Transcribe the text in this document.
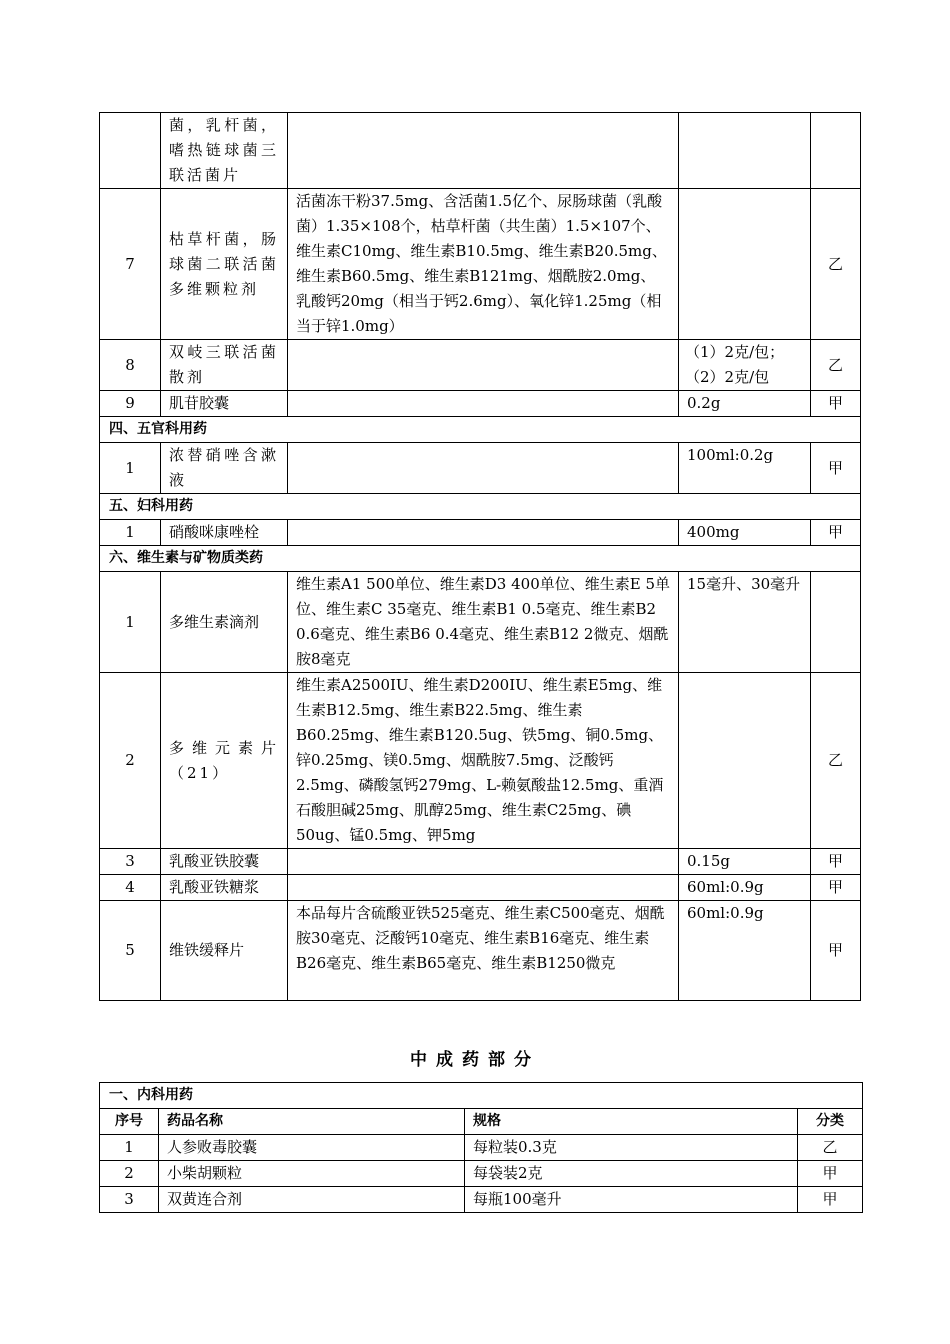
	菌，乳杆菌，嗜热链球菌三联活菌片			
7	枯草杆菌，肠球菌二联活菌多维颗粒剂	活菌冻干粉37.5mg、含活菌1.5亿个、尿肠球菌（乳酸菌）1.35×108个，枯草杆菌（共生菌）1.5×107个、维生素C10mg、维生素B10.5mg、维生素B20.5mg、维生素B60.5mg、维生素B121mg、烟酰胺2.0mg、乳酸钙20mg（相当于钙2.6mg）、氧化锌1.25mg（相当于锌1.0mg）		乙
8	双岐三联活菌散剂		（1）2克/包；
（2）2克/包	乙
9	肌苷胶囊		0.2g	甲
四、五官科用药				
1	浓替硝唑含漱液		100ml:0.2g	甲
五、妇科用药				
1	硝酸咪康唑栓		400mg	甲
六、维生素与矿物质类药				
1	多维生素滴剂	维生素A1 500单位、维生素D3 400单位、维生素E 5单位、维生素C 35毫克、维生素B1 0.5毫克、维生素B2 0.6毫克、维生素B6 0.4毫克、维生素B12 2微克、烟酰胺8毫克	15毫升、30毫升	
2	多维元素片（21）	维生素A2500IU、维生素D200IU、维生素E5mg、维生素B12.5mg、维生素B22.5mg、维生素B60.25mg、维生素B120.5ug、铁5mg、铜0.5mg、锌0.25mg、镁0.5mg、烟酰胺7.5mg、泛酸钙2.5mg、磷酸氢钙279mg、L-赖氨酸盐12.5mg、重酒石酸胆碱25mg、肌醇25mg、维生素C25mg、碘50ug、锰0.5mg、钾5mg		乙
3	乳酸亚铁胶囊		0.15g	甲
4	乳酸亚铁糖浆		60ml:0.9g	甲
5	维铁缓释片	本品每片含硫酸亚铁525毫克、维生素C500毫克、烟酰胺30毫克、泛酸钙10毫克、维生素B16毫克、维生素B26毫克、维生素B65毫克、维生素B1250微克	60ml:0.9g	甲
中成药部分
一、内科用药			
序号	药品名称	规格	分类
1	人参败毒胶囊	每粒装0.3克	乙
2	小柴胡颗粒	每袋装2克	甲
3	双黄连合剂	每瓶100毫升	甲
